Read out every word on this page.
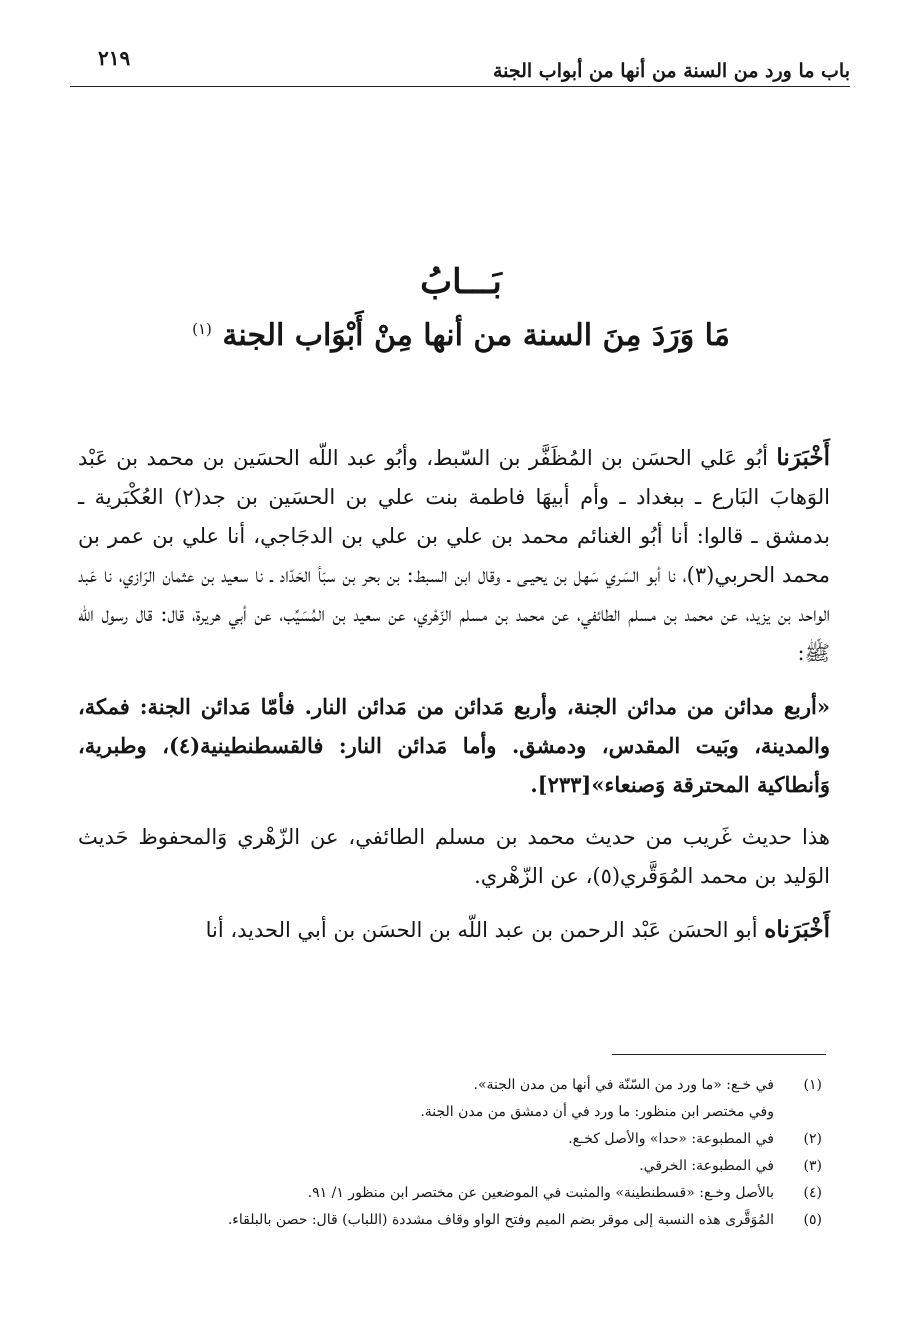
٢١٩
باب ما ورد من السنة من أنها من أبواب الجنة
بَـــابُ
مَا وَرَدَ مِنَ السنة من أنها مِنْ أَبْوَاب الجنة $^{(١)}$

أَخْبَرَنا أبُو عَلي الحسَن بن المُظَفَّر بن السّبط، وأبُو عبد اللّه الحسَين بن محمد بن عَبْد الوَهابَ البَارع ـ ببغداد ـ وأم أبيهَا فاطمة بنت علي بن الحسَين بن جد(٢) العُكْبَرية ـ بدمشق ـ قالوا: أنا أبُو الغنائم محمد بن علي بن علي بن الدجَاجي، أنا علي بن عمر بن محمد الحربي(٣)، نا أبو السَري سَهل بن يحيـى ـ وقال ابن السبط: بن بحر بن سبَأ الحَدّاد ـ نا سعيد بن عثمان الرَازي، نا عَبد الواحد بن يزيد، عن محمد بن مسلم الطائفي، عن محمد بن مسلم الزّهْري، عن سعيد بن المُسَيِّب، عن أبي هريرة، قال: قال رسول الله ﷺ:

«أربع مدائن من مدائن الجنة، وأربع مَدائن من مَدائن النار. فأمّا مَدائن الجنة: فمكة، والمدينة، وبَيت المقدس، ودمشق. وأما مَدائن النار: فالقسطنطينية(٤)، وطبرية، وَأنطاكية المحترقة وَصنعاء»[٢٣٣].

هذا حديث غَريب من حديث محمد بن مسلم الطائفي، عن الزّهْري وَالمحفوظ حَديث الوَليد بن محمد المُوَقَّري(٥)، عن الزّهْري.

أَخْبَرَناه أبو الحسَن عَبْد الرحمن بن عبد اللّه بن الحسَن بن أبي الحديد، أنا

(١)
في خـع: «ما ورد من السّنّة في أنها من مدن الجنة».
وفي مختصر ابن منظور: ما ورد في أن دمشق من مدن الجنة.
(٢)
في المطبوعة: «حدا» والأصل كخـع.
(٣)
في المطبوعة: الخرقي.
(٤)
بالأصل وخـع: «قسطنطينة» والمثبت في الموضعين عن مختصر ابن منظور ١/ ٩١.
(٥)
المُوَقَّرى هذه النسبة إلى موقر بضم الميم وفتح الواو وقاف مشددة (اللباب) قال: حصن بالبلقاء.
